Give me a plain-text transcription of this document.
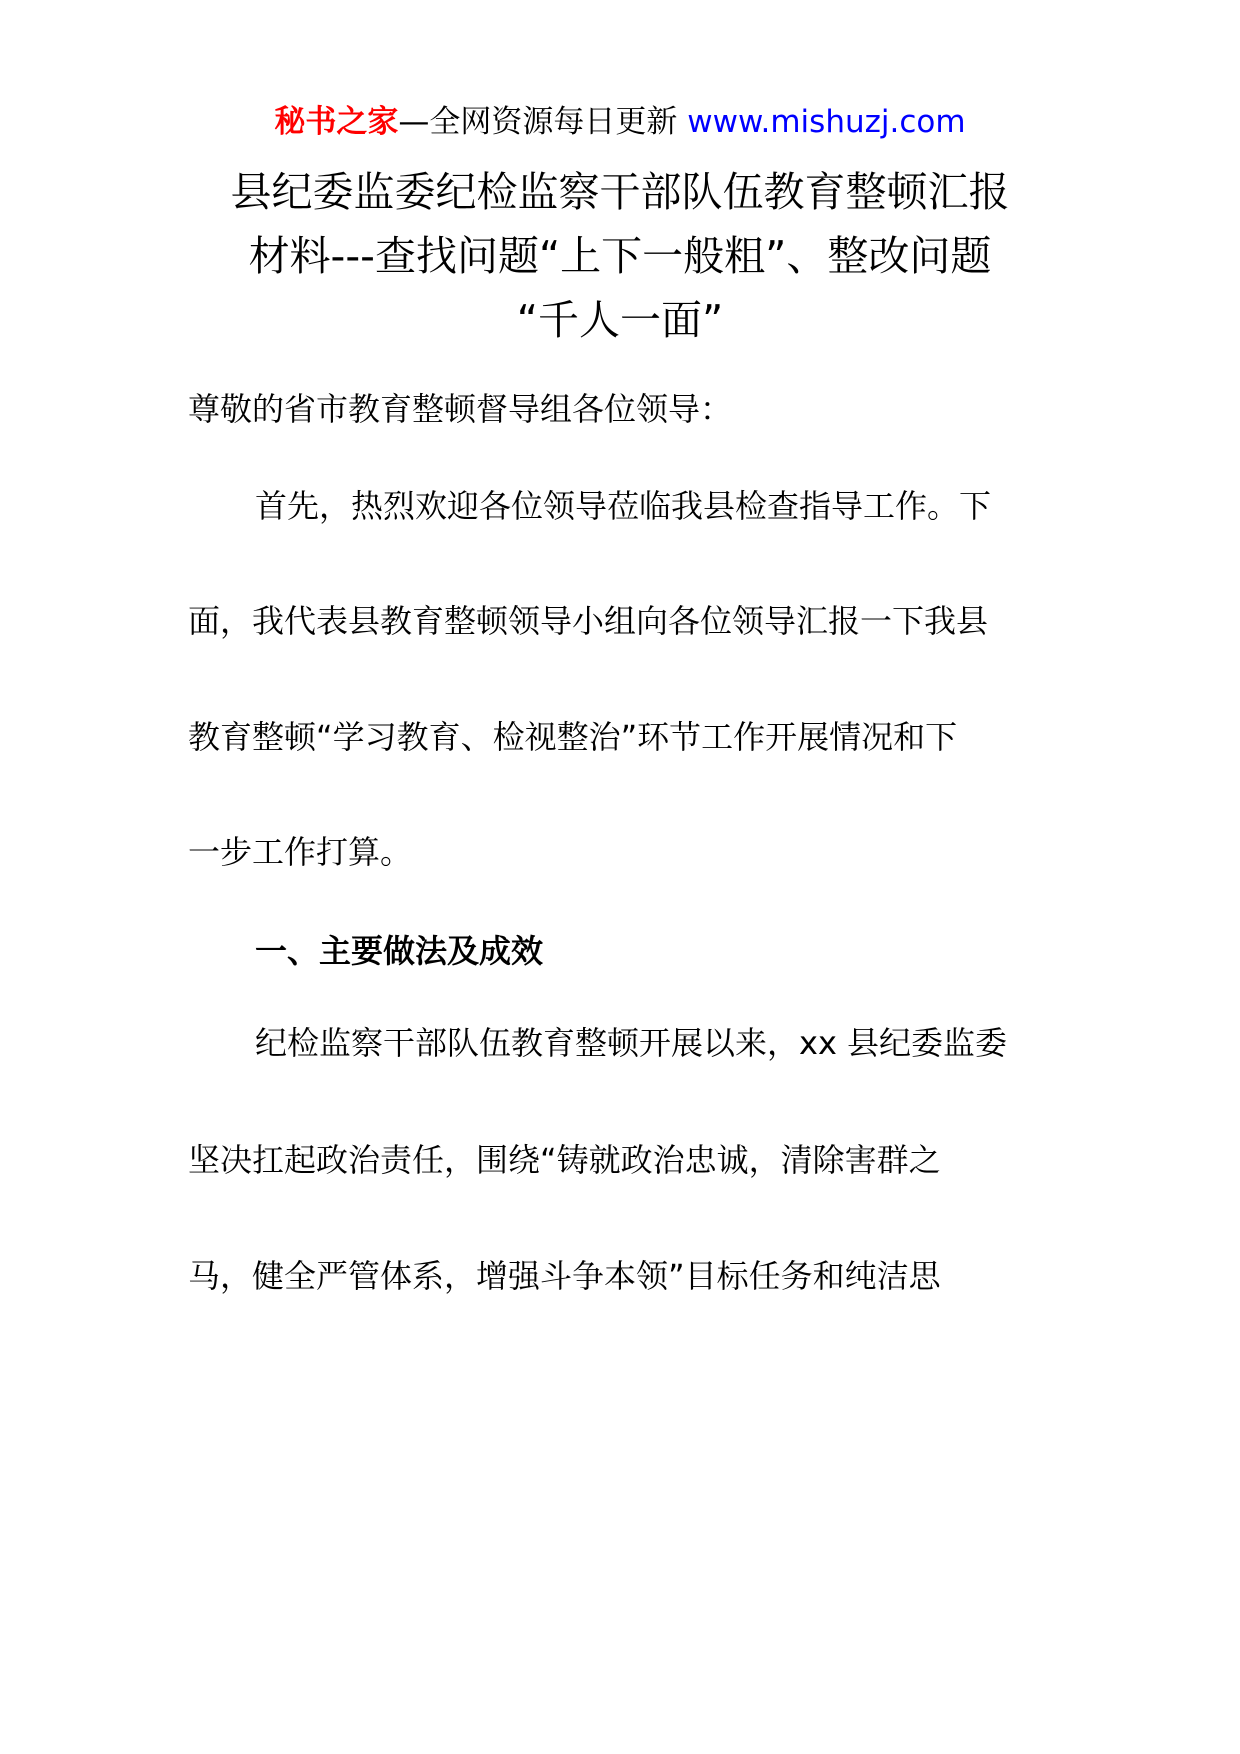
秘书之家—全网资源每日更新 www.mishuzj.com
县纪委监委纪检监察干部队伍教育整顿汇报
材料---查找问题“上下一般粗”、整改问题
“千人一面”
尊敬的省市教育整顿督导组各位领导：
首先，热烈欢迎各位领导莅临我县检查指导工作。下
面，我代表县教育整顿领导小组向各位领导汇报一下我县
教育整顿“学习教育、检视整治”环节工作开展情况和下
一步工作打算。
一、主要做法及成效
纪检监察干部队伍教育整顿开展以来，xx 县纪委监委
坚决扛起政治责任，围绕“铸就政治忠诚，清除害群之
马，健全严管体系，增强斗争本领”目标任务和纯洁思
